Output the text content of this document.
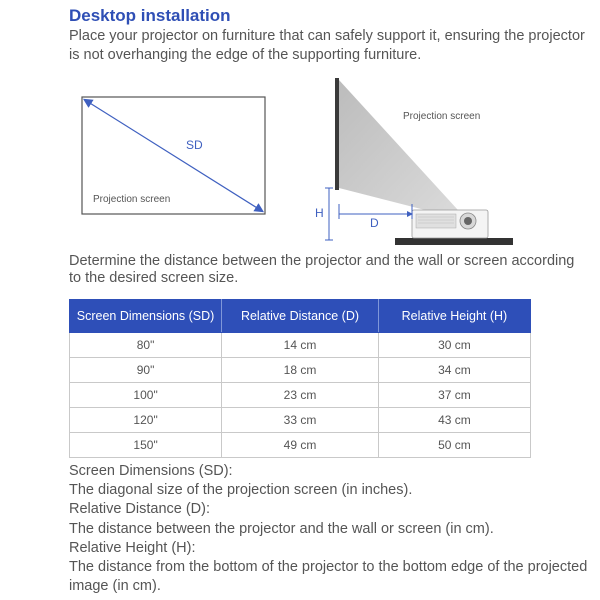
Desktop installation
Place your projector on furniture that can safely support it, ensuring the projector is not overhanging the edge of the supporting furniture.
SD
Projection screen
Projection screen
H
D
Determine the distance between the projector and the wall or screen according to the desired screen size.
Screen Dimensions (SD)	Relative Distance (D)	Relative Height (H)
80"	14 cm	30 cm
90"	18 cm	34 cm
100"	23 cm	37 cm
120"	33 cm	43 cm
150"	49 cm	50 cm
Screen Dimensions (SD):
The diagonal size of the projection screen (in inches).
Relative Distance (D):
The distance between the projector and the wall or screen (in cm).
Relative Height (H):
The distance from the bottom of the projector to the bottom edge of the projected image (in cm).
